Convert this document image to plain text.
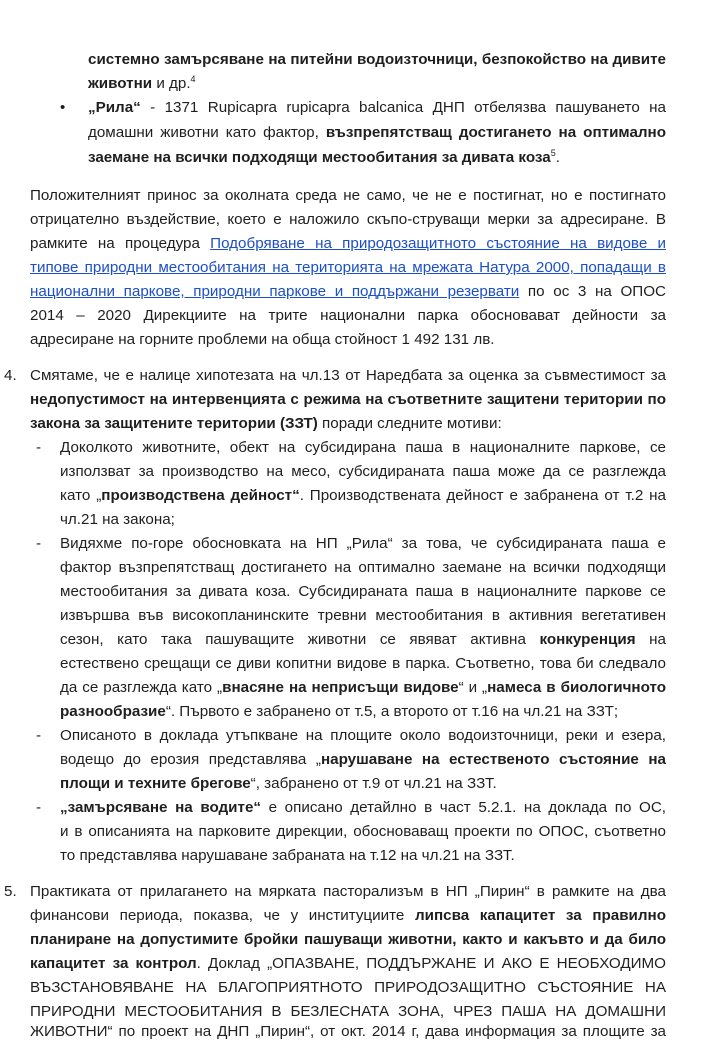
системно замърсяване на питейни водоизточници, безпокойство на дивите
животни и др.$^4$
• „Рила“ - 1371 Rupicapra rupicapra balcanica ДНП отбелязва пашуването на
домашни животни като фактор, възпрепятстващ достигането на оптимално
заемане на всички подходящи местообитания за дивата коза$^5$.
Положителният принос за околната среда не само, че не е постигнат, но е постигнато
отрицателно въздействие, което е наложило скъпо-струващи мерки за адресиране. В
рамките на процедура Подобряване на природозащитното състояние на видове и
типове природни местообитания на територията на мрежата Натура 2000, попадащи в
национални паркове, природни паркове и поддържани резервати по ос 3 на ОПОС
2014 – 2020 Дирекциите на трите национални парка обосновават дейности за
адресиране на горните проблеми на обща стойност 1 492 131 лв.
4. Смятаме, че е налице хипотезата на чл.13 от Наредбата за оценка за съвместимост за
недопустимост на интервенцията с режима на съответните защитени територии по
закона за защитените територии (ЗЗТ) поради следните мотиви:
- Доколкото животните, обект на субсидирана паша в националните паркове, се
използват за производство на месо, субсидираната паша може да се разглежда
като „производствена дейност“. Производствената дейност е забранена от т.2 на
чл.21 на закона;
- Видяхме по-горе обосновката на НП „Рила“ за това, че субсидираната паша е
фактор възпрепятстващ достигането на оптимално заемане на всички подходящи
местообитания за дивата коза. Субсидираната паша в националните паркове се
извършва във високопланинските тревни местообитания в активния вегетативен
сезон, като така пашуващите животни се явяват активна конкуренция на
естествено срещащи се диви копитни видове в парка. Съответно, това би следвало
да се разглежда като „внасяне на неприсъщи видове“ и „намеса в биологичното
разнообразие“. Първото е забранено от т.5, а второто от т.16 на чл.21 на ЗЗТ;
- Описаното в доклада утъпкване на площите около водоизточници, реки и езера,
водещо до ерозия представлява „нарушаване на естественото състояние на
площи и техните брегове“, забранено от т.9 от чл.21 на ЗЗТ.
- „замърсяване на водите“ е описано детайлно в част 5.2.1. на доклада по ОС,
и в описанията на парковите дирекции, обосноваващ проекти по ОПОС, съответно
то представлява нарушаване забраната на т.12 на чл.21 на ЗЗТ.
5. Практиката от прилагането на мярката пасторализъм в НП „Пирин“ в рамките на два
финансови периода, показва, че у институциите липсва капацитет за правилно
планиране на допустимите бройки пашуващи животни, както и какъвто и да било
капацитет за контрол. Доклад „ОПАЗВАНЕ, ПОДДЪРЖАНЕ И АКО Е НЕОБХОДИМО
ВЪЗСТАНОВЯВАНЕ НА БЛАГОПРИЯТНОТО ПРИРОДОЗАЩИТНО СЪСТОЯНИЕ НА
ПРИРОДНИ МЕСТООБИТАНИЯ В БЕЗЛЕСНАТА ЗОНА, ЧРЕЗ ПАША НА ДОМАШНИ
ЖИВОТНИ“ по проект на ДНП „Пирин“, от окт. 2014 г, дава информация за площите за
